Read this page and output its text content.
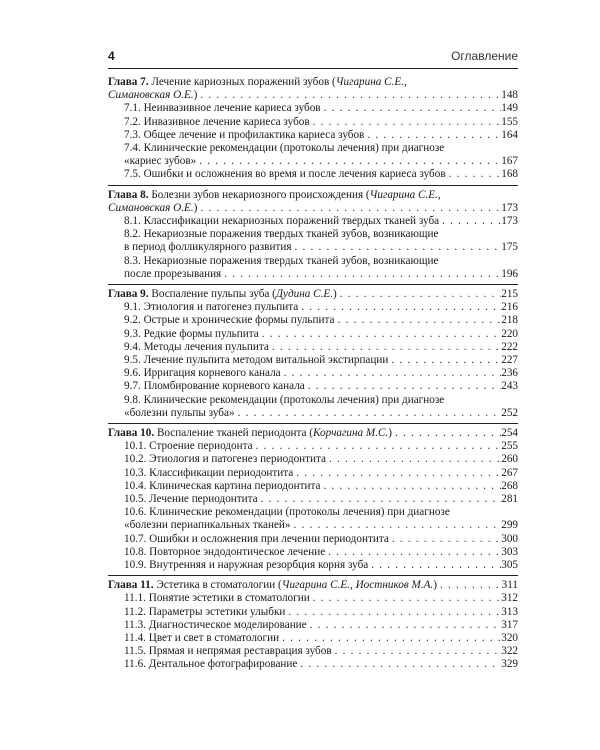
4	Оглавление
Глава 7. Лечение кариозных поражений зубов (Чигарина С.Е.,
Симановская О.Е.) . . .	148
7.1. Неинвазивное лечение кариеса зубов . . .	149
7.2. Инвазивное лечение кариеса зубов . . .	155
7.3. Общее лечение и профилактика кариеса зубов . . .	164
7.4. Клинические рекомендации (протоколы лечения) при диагнозе
«кариес зубов» . . .	167
7.5. Ошибки и осложнения во время и после лечения кариеса зубов . . .	168
Глава 8. Болезни зубов некариозного происхождения (Чигарина С.Е.,
Симановская О.Е.) . . .	173
8.1. Классификации некариозных поражений твердых тканей зуба . . .	173
8.2. Некариозные поражения твердых тканей зубов, возникающие
в период фолликулярного развития . . .	175
8.3. Некариозные поражения твердых тканей зубов, возникающие
после прорезывания . . .	196
Глава 9. Воспаление пульпы зуба (Дудина С.Е.) . . .	215
9.1. Этиология и патогенез пульпита . . .	216
9.2. Острые и хронические формы пульпита . . .	218
9.3. Редкие формы пульпита . . .	220
9.4. Методы лечения пульпита . . .	222
9.5. Лечение пульпита методом витальной экстирпации . . .	227
9.6. Ирригация корневого канала . . .	236
9.7. Пломбирование корневого канала . . .	243
9.8. Клинические рекомендации (протоколы лечения) при диагнозе
«болезни пульпы зуба» . . .	252
Глава 10. Воспаление тканей периодонта (Корчагина М.С.) . . .	254
10.1. Строение периодонта . . .	255
10.2. Этиология и патогенез периодонтита . . .	260
10.3. Классификации периодонтита . . .	267
10.4. Клиническая картина периодонтита . . .	268
10.5. Лечение периодонтита . . .	281
10.6. Клинические рекомендации (протоколы лечения) при диагнозе
«болезни периапикальных тканей» . . .	299
10.7. Ошибки и осложнения при лечении периодонтита . . .	300
10.8. Повторное эндодонтическое лечение . . .	303
10.9. Внутренняя и наружная резорбция корня зуба . . .	305
Глава 11. Эстетика в стоматологии (Чигарина С.Е., Иостников М.А.) . . .	311
11.1. Понятие эстетики в стоматологии . . .	312
11.2. Параметры эстетики улыбки . . .	313
11.3. Диагностическое моделирование . . .	317
11.4. Цвет и свет в стоматологии . . .	320
11.5. Прямая и непрямая реставрация зубов . . .	322
11.6. Дентальное фотографирование . . .	329
